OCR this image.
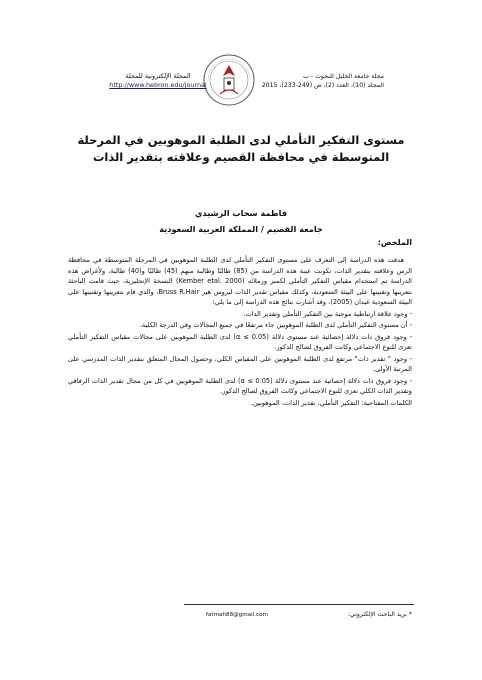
المجلة الإلكترونية للمجلة
http://www.hebron.edu/journal
مجلة جامعة الخليل للبحوث - ب
المجلد (10)، العدد (2)، ص (249-233)، 2015
مستوى التفكير التأملي لدى الطلبة الموهوبين في المرحلة المتوسطة في محافظة القصيم وعلاقته بتقدير الذات
فاطمة سحاب الرشيدي
جامعة القصيم / المملكة العربية السعودية
الملخص:

هدفت هذه الدراسة إلى التعرف على مستوى التفكير التأملي لدى الطلبة الموهوبين في المرحلة المتوسطة في محافظة الرس وعلاقته بتقدير الذات، تكونت عينة هذه الدراسة من (85) طالبًا وطالبة منهم (45) طالبًا و(40) طالبة، ولأغراض هذه الدراسة تم استخدام مقياس التفكير التأملي لكمبر وزملائه (Kember etal. 2000) النسخة الإنجليزية، حيث قامت الباحثة بتعريبها وتقنينها على البيئة السعودية، وكذلك مقياس تقدير الذات لبروس هير Bruss R.Hair، والذي قام بتعريبها وتقنينها على البيئة السعودية غيدان (2005)، وقد أشارت نتائج هذه الدراسة إلى ما يلي:

- وجود علاقة ارتباطية موجبة بين التفكير التأملي وتقدير الذات.

- أن مستوى التفكير التأملي لدى الطلبة الموهوبين جاء مرتفعًا في جميع المجالات وفي الدرجة الكلية.

- وجود فروق ذات دلالة إحصائية عند مستوى دلالة (0.05 ≥ α) لدى الطلبة الموهوبين على مجالات مقياس التفكير التأملي تعزى للنوع الاجتماعي وكانت الفروق لصالح الذكور.

- وجود " تقدير ذات" مرتفع لدى الطلبة الموهوبين على المقياس الكلي، وحصول المجال المتعلق بتقدير الذات المدرسي على المرتبة الأولى.

- وجود فروق ذات دلالة إحصائية عند مستوى دلالة (0.05 ≥ α) لدى الطلبة الموهوبين في كل من مجال تقدير الذات الرفاقي وتقدير الذات الكلي تعزى للنوع الاجتماعي وكانت الفروق لصالح الذكور.

الكلمات المفتاحية: التفكير التأملي، تقدير الذات، الموهوبين.

* بريد الباحث الإلكتروني:
fatmah88@gmail.com
